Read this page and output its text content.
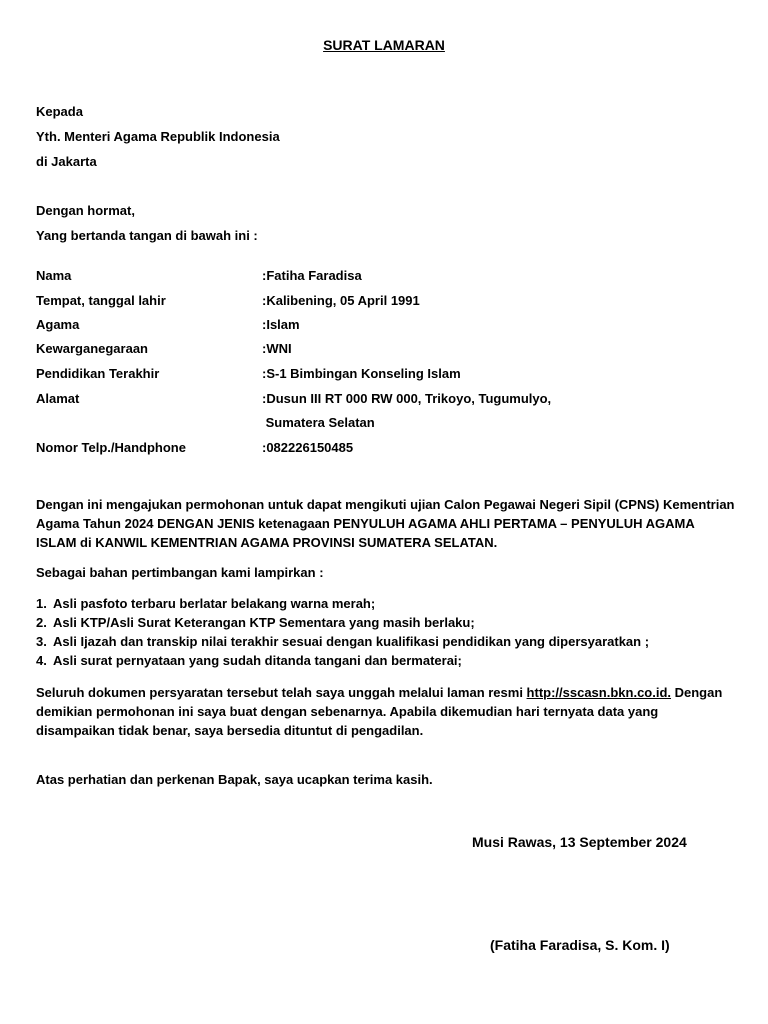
SURAT LAMARAN
Kepada
Yth. Menteri Agama Republik Indonesia
di Jakarta
Dengan hormat,
Yang bertanda tangan di bawah ini :
Nama	:Fatiha Faradisa
Tempat, tanggal lahir	:Kalibening, 05 April 1991
Agama	:Islam
Kewarganegaraan	:WNI
Pendidikan Terakhir	:S-1 Bimbingan Konseling Islam
Alamat	:Dusun III RT 000 RW 000, Trikoyo, Tugumulyo,
Sumatera Selatan
Nomor Telp./Handphone	:082226150485
Dengan ini mengajukan permohonan untuk dapat mengikuti ujian Calon Pegawai Negeri Sipil (CPNS) Kementrian Agama Tahun 2024 DENGAN JENIS ketenagaan PENYULUH AGAMA AHLI PERTAMA – PENYULUH AGAMA ISLAM di KANWIL KEMENTRIAN AGAMA PROVINSI SUMATERA SELATAN.
Sebagai bahan pertimbangan kami lampirkan :
1. Asli pasfoto terbaru berlatar belakang warna merah;
2. Asli KTP/Asli Surat Keterangan KTP Sementara yang masih berlaku;
3. Asli Ijazah dan transkip nilai terakhir sesuai dengan kualifikasi pendidikan yang dipersyaratkan ;
4. Asli surat pernyataan yang sudah ditanda tangani dan bermaterai;
Seluruh dokumen persyaratan tersebut telah saya unggah melalui laman resmi http://sscasn.bkn.co.id. Dengan demikian permohonan ini saya buat dengan sebenarnya. Apabila dikemudian hari ternyata data yang disampaikan tidak benar, saya bersedia dituntut di pengadilan.
Atas perhatian dan perkenan Bapak, saya ucapkan terima kasih.
Musi Rawas, 13 September 2024
(Fatiha Faradisa, S. Kom. I)
